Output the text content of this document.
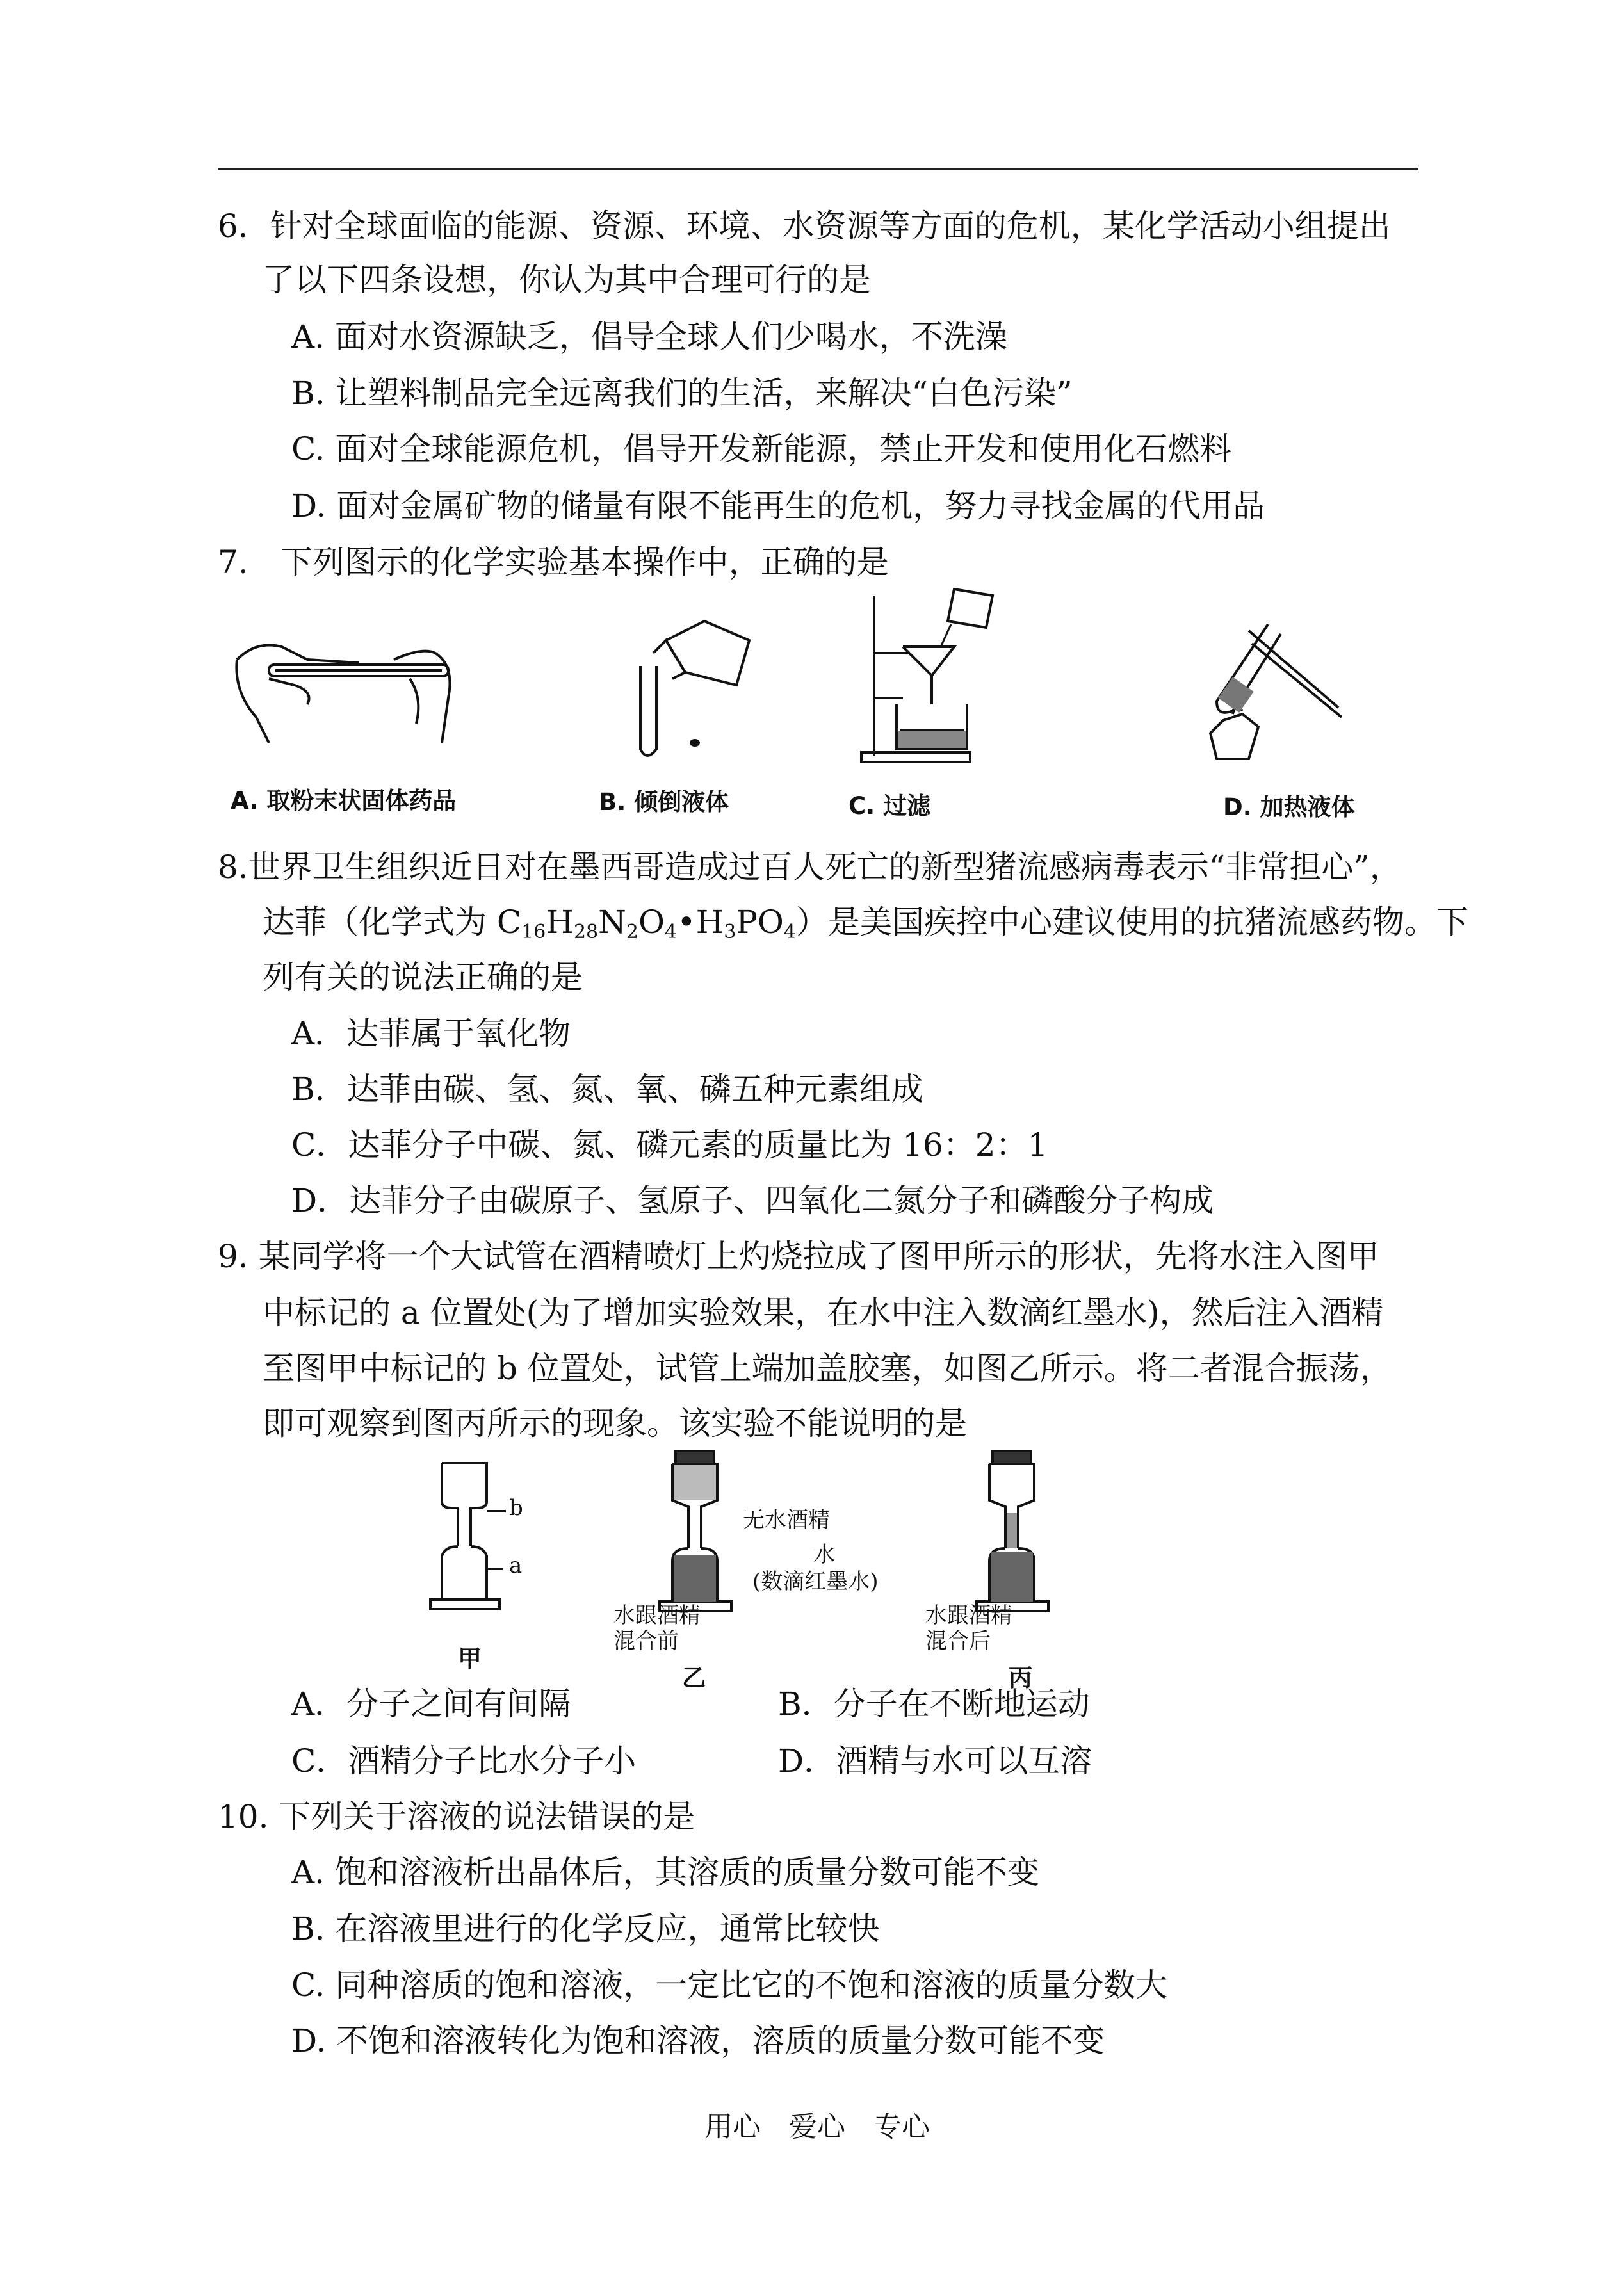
6．针对全球面临的能源、资源、环境、水资源等方面的危机，某化学活动小组提出
了以下四条设想，你认为其中合理可行的是
A. 面对水资源缺乏，倡导全球人们少喝水，不洗澡
B. 让塑料制品完全远离我们的生活，来解决“白色污染”
C. 面对全球能源危机，倡导开发新能源，禁止开发和使用化石燃料
D. 面对金属矿物的储量有限不能再生的危机，努力寻找金属的代用品
7.　下列图示的化学实验基本操作中，正确的是
A. 取粉末状固体药品	B. 倾倒液体	C. 过滤	D. 加热液体
8.世界卫生组织近日对在墨西哥造成过百人死亡的新型猪流感病毒表示“非常担心”，
达菲（化学式为 $C_{16}H_{28}N_2O_4•H_3PO_4$）是美国疾控中心建议使用的抗猪流感药物。下
列有关的说法正确的是
A．达菲属于氧化物
B．达菲由碳、氢、氮、氧、磷五种元素组成
C．达菲分子中碳、氮、磷元素的质量比为 16：2：1
D．达菲分子由碳原子、氢原子、四氧化二氮分子和磷酸分子构成
9. 某同学将一个大试管在酒精喷灯上灼烧拉成了图甲所示的形状，先将水注入图甲
中标记的 a 位置处(为了增加实验效果，在水中注入数滴红墨水)，然后注入酒精
至图甲中标记的 b 位置处，试管上端加盖胶塞，如图乙所示。将二者混合振荡，
即可观察到图丙所示的现象。该实验不能说明的是
b
a
甲
无水酒精
水
(数滴红墨水)
水跟酒精
混合前
乙
水跟酒精
混合后
丙
A．分子之间有间隔	B．分子在不断地运动
C．酒精分子比水分子小	D．酒精与水可以互溶
10. 下列关于溶液的说法错误的是
A. 饱和溶液析出晶体后，其溶质的质量分数可能不变
B. 在溶液里进行的化学反应，通常比较快
C. 同种溶质的饱和溶液，一定比它的不饱和溶液的质量分数大
D. 不饱和溶液转化为饱和溶液，溶质的质量分数可能不变
用心　爱心　专心
